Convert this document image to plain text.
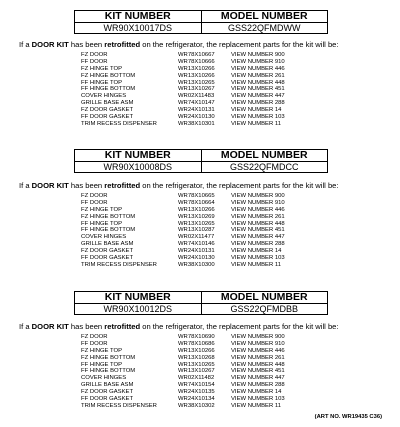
KIT NUMBER	MODEL NUMBER
WR90X10017DS	GSS22QFMDWW

If a DOOR KIT has been retrofitted on the refrigerator, the replacement parts for the kit will be:

FZ DOOR	WR78X10667	VIEW NUMBER 900
FF DOOR	WR78X10666	VIEW NUMBER 910
FZ HINGE TOP	WR13X10266	VIEW NUMBER 446
FZ HINGE BOTTOM	WR13X10266	VIEW NUMBER 261
FF HINGE TOP	WR13X10265	VIEW NUMBER 448
FF HINGE BOTTOM	WR13X10267	VIEW NUMBER 451
COVER HINGES	WR02X11483	VIEW NUMBER 447
GRILLE BASE ASM	WR74X10147	VIEW NUMBER 288
FZ DOOR GASKET	WR24X10131	VIEW NUMBER 14
FF DOOR GASKET	WR24X10130	VIEW NUMBER 103
TRIM RECESS DISPENSER	WR38X10301	VIEW NUMBER 11
KIT NUMBER	MODEL NUMBER
WR90X10008DS	GSS22QFMDCC

If a DOOR KIT has been retrofitted on the refrigerator, the replacement parts for the kit will be:

FZ DOOR	WR78X10665	VIEW NUMBER 900
FF DOOR	WR78X10664	VIEW NUMBER 910
FZ HINGE TOP	WR13X10266	VIEW NUMBER 446
FZ HINGE BOTTOM	WR13X10269	VIEW NUMBER 261
FF HINGE TOP	WR13X10265	VIEW NUMBER 448
FF HINGE BOTTOM	WR13X10287	VIEW NUMBER 451
COVER HINGES	WR02X11477	VIEW NUMBER 447
GRILLE BASE ASM	WR74X10146	VIEW NUMBER 288
FZ DOOR GASKET	WR24X10131	VIEW NUMBER 14
FF DOOR GASKET	WR24X10130	VIEW NUMBER 103
TRIM RECESS DISPENSER	WR38X10300	VIEW NUMBER 11
KIT NUMBER	MODEL NUMBER
WR90X10012DS	GSS22QFMDBB

If a DOOR KIT has been retrofitted on the refrigerator, the replacement parts for the kit will be:

FZ DOOR	WR78X10690	VIEW NUMBER 900
FF DOOR	WR78X10686	VIEW NUMBER 910
FZ HINGE TOP	WR13X10266	VIEW NUMBER 446
FZ HINGE BOTTOM	WR13X10268	VIEW NUMBER 261
FF HINGE TOP	WR13X10265	VIEW NUMBER 448
FF HINGE BOTTOM	WR13X10267	VIEW NUMBER 451
COVER HINGES	WR02X11482	VIEW NUMBER 447
GRILLE BASE ASM	WR74X10154	VIEW NUMBER 288
FZ DOOR GASKET	WR24X10135	VIEW NUMBER 14
FF DOOR GASKET	WR24X10134	VIEW NUMBER 103
TRIM RECESS DISPENSER	WR38X10302	VIEW NUMBER 11
(ART NO. WR19435 C36)
